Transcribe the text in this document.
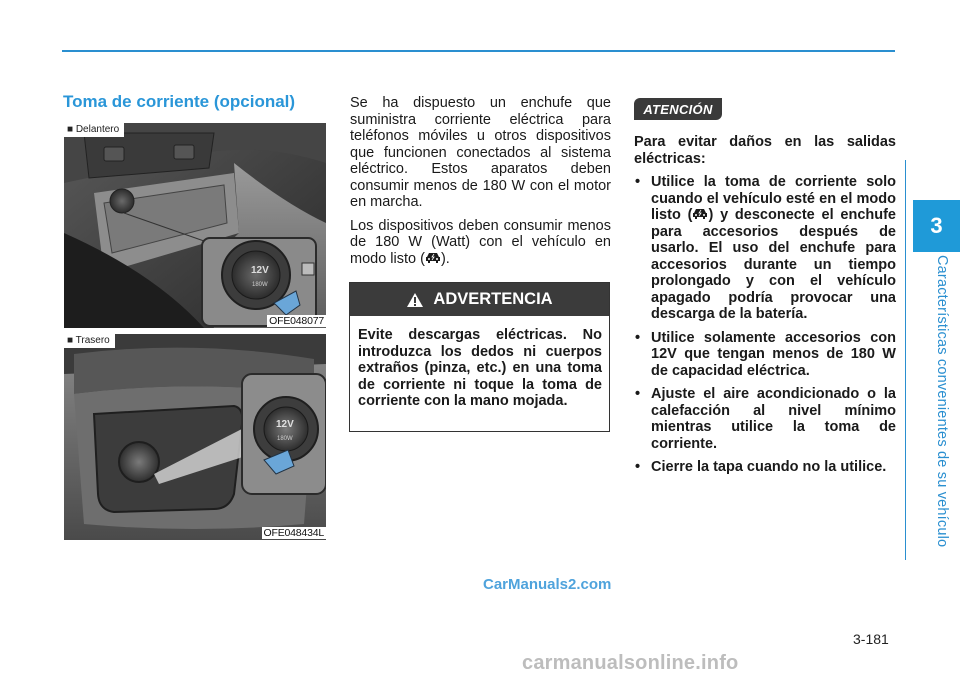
3
Características convenientes de su vehículo
Toma de corriente (opcional)
12V
180W
■ Delantero
OFE048077
12V
180W
■ Trasero
OFE048434L

Se ha dispuesto un enchufe que suministra corriente eléctrica para teléfonos móviles u otros dispositivos que funcionen conectados al sistema eléctrico. Estos aparatos deben consumir menos de 180 W con el motor en marcha.

Los dispositivos deben consumir menos de 180 W (Watt) con el vehículo en modo listo ( ).

ADVERTENCIA
Evite descargas eléctricas. No introduzca los dedos ni cuerpos extraños (pinza, etc.) en una toma de corriente ni toque la toma de corriente con la mano mojada.
ATENCIÓN

Para evitar daños en las salidas eléctricas:

• Utilice la toma de corriente solo cuando el vehículo esté en el modo listo ( ) y desconecte el enchufe para accesorios después de usarlo. El uso del enchufe para accesorios durante un tiempo prolongado y con el vehículo apagado podría provocar una descarga de la batería.
• Utilice solamente accesorios con 12V que tengan menos de 180 W de capacidad eléctrica.
• Ajuste el aire acondicionado o la calefacción al nivel mínimo mientras utilice la toma de corriente.
• Cierre la tapa cuando no la utilice.
CarManuals2.com
3-181
carmanualsonline.info
